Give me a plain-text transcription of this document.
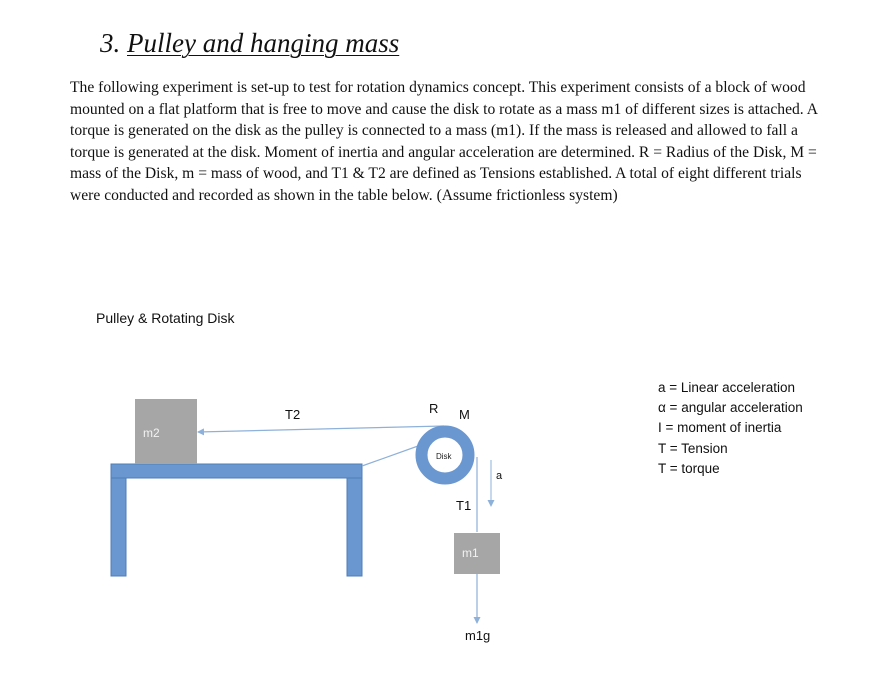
3. Pulley and hanging mass

The following experiment is set-up to test for rotation dynamics concept. This experiment consists of a block of wood mounted on a flat platform that is free to move and cause the disk to rotate as a mass m1 of different sizes is attached. A torque is generated on the disk as the pulley is connected to a mass (m1). If the mass is released and allowed to fall a torque is generated at the disk. Moment of inertia and angular acceleration are determined. R = Radius of the Disk, M = mass of the Disk, m = mass of wood, and T1 & T2 are defined as Tensions established. A total of eight different trials were conducted and recorded as shown in the table below. (Assume frictionless system)

Pulley & Rotating Disk
m2
T2
Disk
R M
T1
a
m1
m1g
a = Linear acceleration
α = angular acceleration
I = moment of inertia
T = Tension
T = torque
